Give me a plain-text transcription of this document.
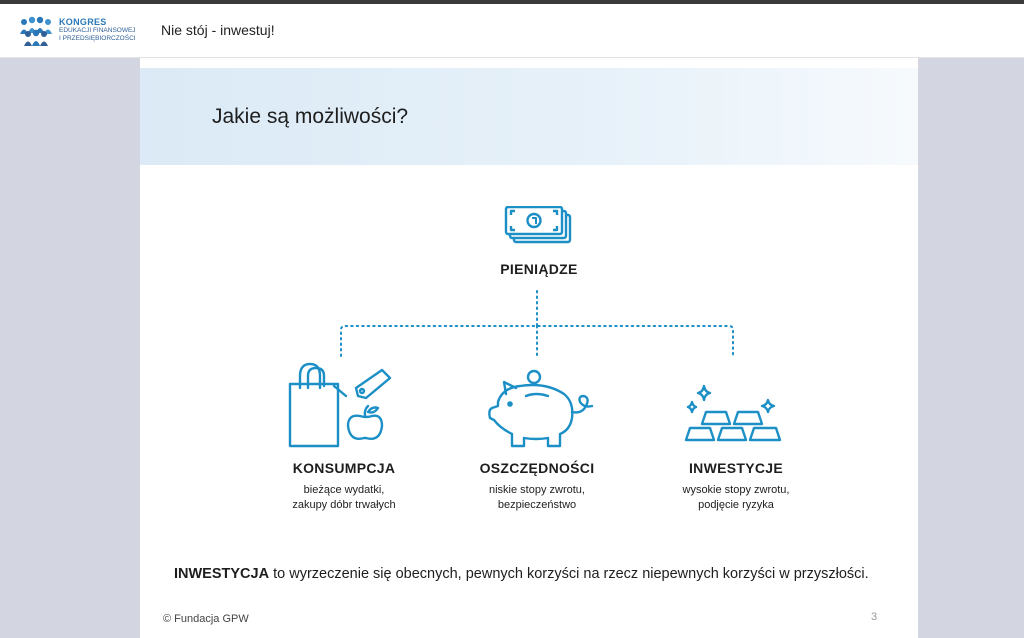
KONGRES
EDUKACJI FINANSOWEJ
I PRZEDSIĘBIORCZOŚCI Nie stój - inwestuj!
Jakie są możliwości?
PIENIĄDZE
KONSUMPCJA
bieżące wydatki,
zakupy dóbr trwałych
OSZCZĘDNOŚCI
niskie stopy zwrotu,
bezpieczeństwo
INWESTYCJE
wysokie stopy zwrotu,
podjęcie ryzyka
INWESTYCJA to wyrzeczenie się obecnych, pewnych korzyści na rzecz niepewnych korzyści w przyszłości.
© Fundacja GPW	3
